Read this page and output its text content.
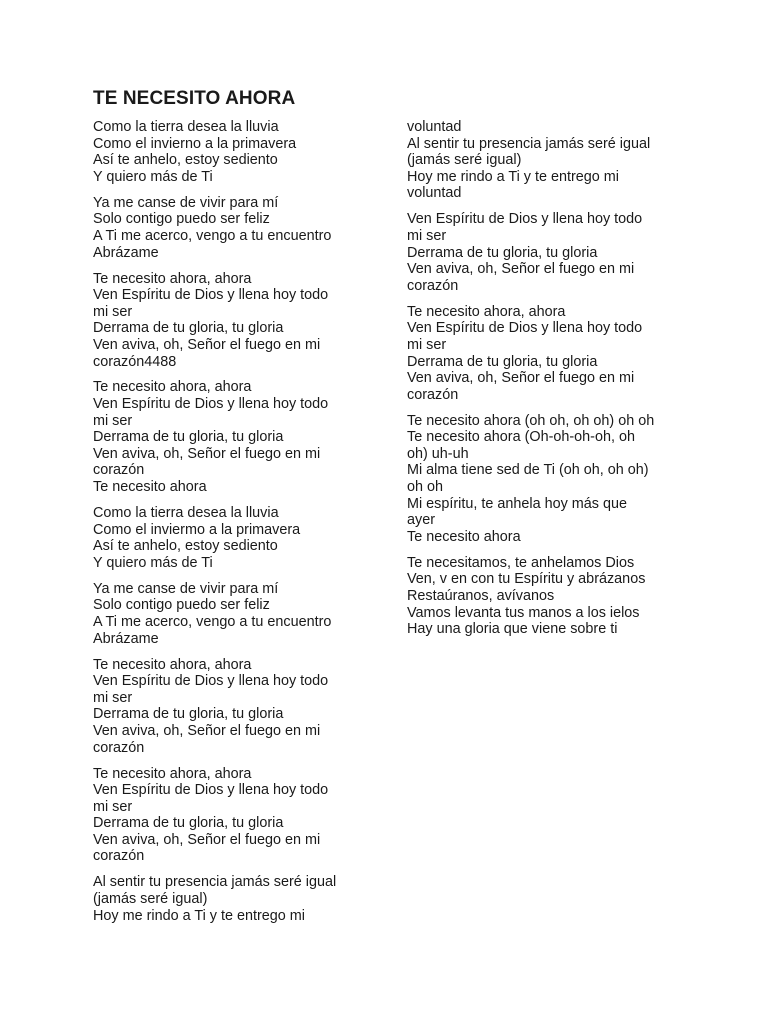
TE NECESITO AHORA
Como la tierra desea la lluvia
Como el invierno a la primavera
Así te anhelo, estoy sediento
Y quiero más de Ti
Ya me canse de vivir para mí
Solo contigo puedo ser feliz
A Ti me acerco, vengo a tu encuentro
Abrázame
Te necesito ahora, ahora
Ven Espíritu de Dios y llena hoy todo
mi ser
Derrama de tu gloria, tu gloria
Ven aviva, oh, Señor el fuego en mi
corazón4488
Te necesito ahora, ahora
Ven Espíritu de Dios y llena hoy todo
mi ser
Derrama de tu gloria, tu gloria
Ven aviva, oh, Señor el fuego en mi
corazón
Te necesito ahora
Como la tierra desea la lluvia
Como el inviermo a la primavera
Así te anhelo, estoy sediento
Y quiero más de Ti
Ya me canse de vivir para mí
Solo contigo puedo ser feliz
A Ti me acerco, vengo a tu encuentro
Abrázame
Te necesito ahora, ahora
Ven Espíritu de Dios y llena hoy todo
mi ser
Derrama de tu gloria, tu gloria
Ven aviva, oh, Señor el fuego en mi
corazón
Te necesito ahora, ahora
Ven Espíritu de Dios y llena hoy todo
mi ser
Derrama de tu gloria, tu gloria
Ven aviva, oh, Señor el fuego en mi
corazón
Al sentir tu presencia jamás seré igual
(jamás seré igual)
Hoy me rindo a Ti y te entrego mi
voluntad
Al sentir tu presencia jamás seré igual
(jamás seré igual)
Hoy me rindo a Ti y te entrego mi
voluntad
Ven Espíritu de Dios y llena hoy todo
mi ser
Derrama de tu gloria, tu gloria
Ven aviva, oh, Señor el fuego en mi
corazón
Te necesito ahora, ahora
Ven Espíritu de Dios y llena hoy todo
mi ser
Derrama de tu gloria, tu gloria
Ven aviva, oh, Señor el fuego en mi
corazón
Te necesito ahora (oh oh, oh oh) oh oh
Te necesito ahora (Oh-oh-oh-oh, oh
oh) uh-uh
Mi alma tiene sed de Ti (oh oh, oh oh)
oh oh
Mi espíritu, te anhela hoy más que
ayer
Te necesito ahora
Te necesitamos, te anhelamos Dios
Ven, v en con tu Espíritu y abrázanos
Restaúranos, avívanos
Vamos levanta tus manos a los ielos
Hay una gloria que viene sobre ti
